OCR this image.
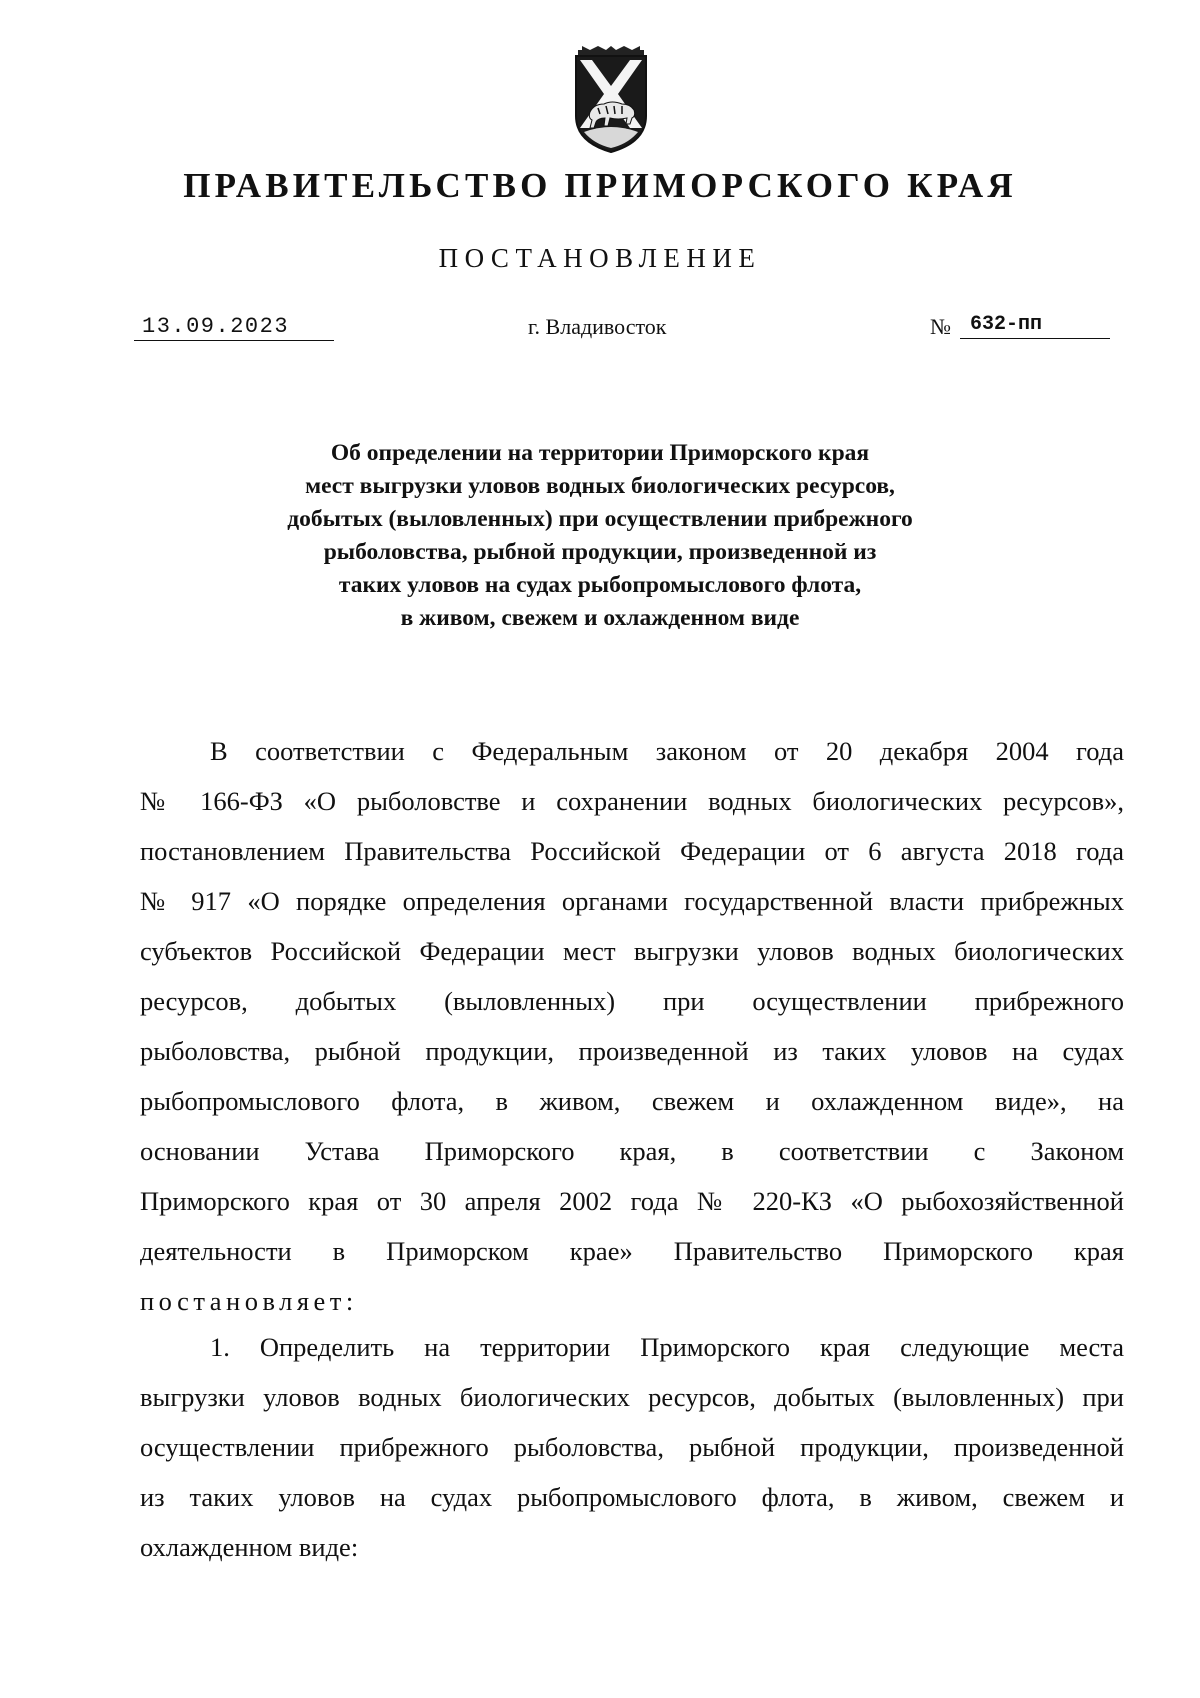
ПРАВИТЕЛЬСТВО ПРИМОРСКОГО КРАЯ
ПОСТАНОВЛЕНИЕ
13.09.2023	г. Владивосток	№ 632-пп
Об определении на территории Приморского края
мест выгрузки уловов водных биологических ресурсов,
добытых (выловленных) при осуществлении прибрежного
рыболовства, рыбной продукции, произведенной из
таких уловов на судах рыбопромыслового флота,
в живом, свежем и охлажденном виде
В соответствии с Федеральным законом от 20 декабря 2004 года
№ 166-ФЗ «О рыболовстве и сохранении водных биологических ресурсов»,
постановлением Правительства Российской Федерации от 6 августа 2018 года
№ 917 «О порядке определения органами государственной власти прибрежных
субъектов Российской Федерации мест выгрузки уловов водных биологических
ресурсов, добытых (выловленных) при осуществлении прибрежного
рыболовства, рыбной продукции, произведенной из таких уловов на судах
рыбопромыслового флота, в живом, свежем и охлажденном виде», на
основании Устава Приморского края, в соответствии с Законом
Приморского края от 30 апреля 2002 года № 220-КЗ «О рыбохозяйственной
деятельности в Приморском крае» Правительство Приморского края
постановляет:
1. Определить на территории Приморского края следующие места
выгрузки уловов водных биологических ресурсов, добытых (выловленных) при
осуществлении прибрежного рыболовства, рыбной продукции, произведенной
из таких уловов на судах рыбопромыслового флота, в живом, свежем и
охлажденном виде:
